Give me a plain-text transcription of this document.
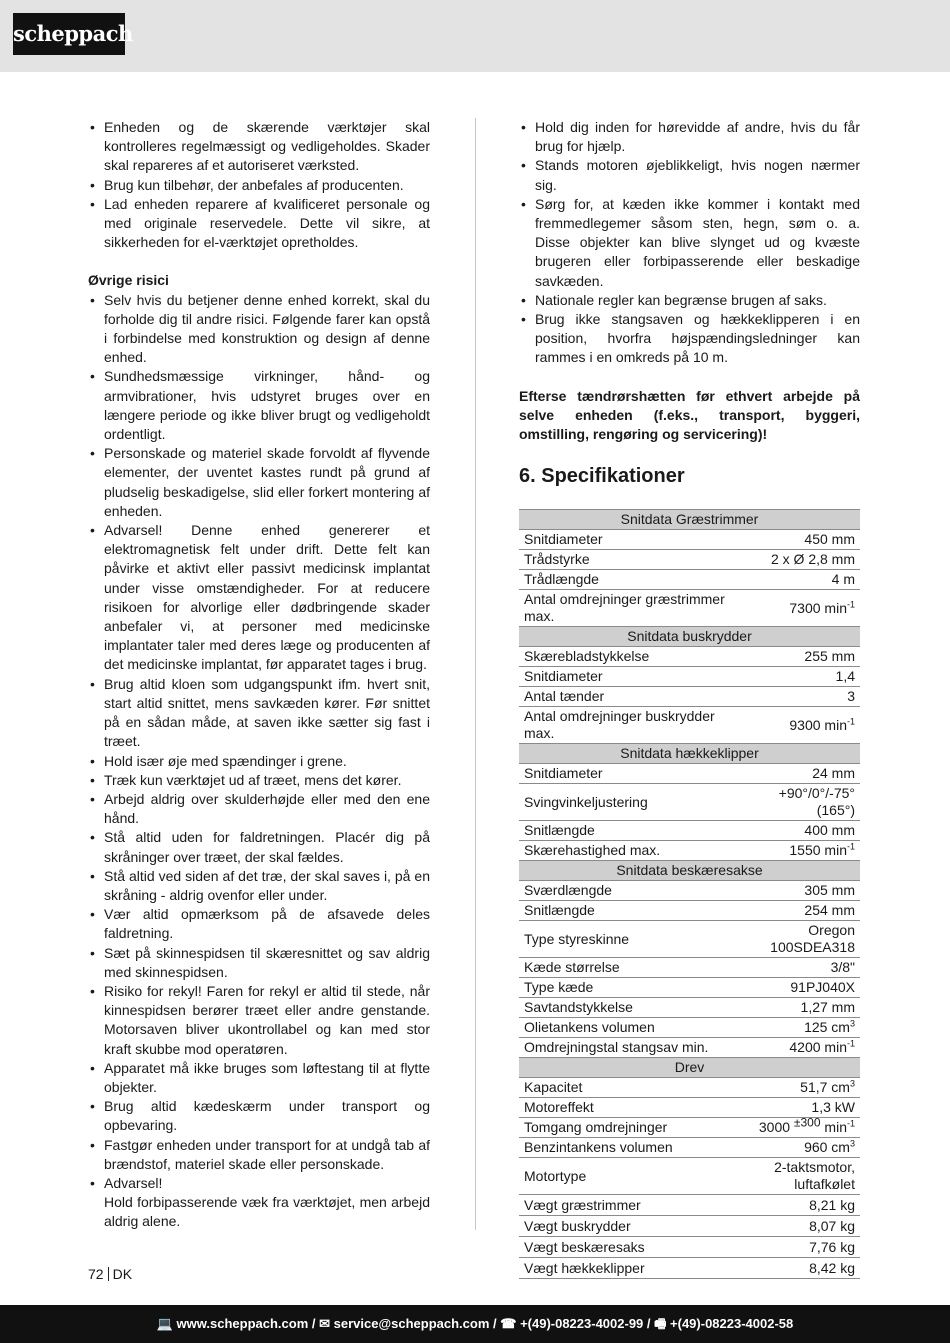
scheppach
• Enheden og de skærende værktøjer skal kontrolleres regelmæssigt og vedligeholdes. Skader skal repareres af et autoriseret værksted.
• Brug kun tilbehør, der anbefales af producenten.
• Lad enheden reparere af kvalificeret personale og med originale reservedele. Dette vil sikre, at sikkerheden for el-værktøjet opretholdes.
Øvrige risici
• Selv hvis du betjener denne enhed korrekt, skal du forholde dig til andre risici. Følgende farer kan opstå i forbindelse med konstruktion og design af denne enhed.
• Sundhedsmæssige virkninger, hånd- og armvibrationer, hvis udstyret bruges over en længere periode og ikke bliver brugt og vedligeholdt ordentligt.
• Personskade og materiel skade forvoldt af flyvende elementer, der uventet kastes rundt på grund af pludselig beskadigelse, slid eller forkert montering af enheden.
• Advarsel! Denne enhed genererer et elektromagnetisk felt under drift. Dette felt kan påvirke et aktivt eller passivt medicinsk implantat under visse omstændigheder. For at reducere risikoen for alvorlige eller dødbringende skader anbefaler vi, at personer med medicinske implantater taler med deres læge og producenten af det medicinske implantat, før apparatet tages i brug.
• Brug altid kloen som udgangspunkt ifm. hvert snit, start altid snittet, mens savkæden kører. Før snittet på en sådan måde, at saven ikke sætter sig fast i træet.
• Hold især øje med spændinger i grene.
• Træk kun værktøjet ud af træet, mens det kører.
• Arbejd aldrig over skulderhøjde eller med den ene hånd.
• Stå altid uden for faldretningen. Placér dig på skråninger over træet, der skal fældes.
• Stå altid ved siden af det træ, der skal saves i, på en skråning - aldrig ovenfor eller under.
• Vær altid opmærksom på de afsavede deles faldretning.
• Sæt på skinnespidsen til skæresnittet og sav aldrig med skinnespidsen.
• Risiko for rekyl! Faren for rekyl er altid til stede, når kinnespidsen berører træet eller andre genstande. Motorsaven bliver ukontrollabel og kan med stor kraft skubbe mod operatøren.
• Apparatet må ikke bruges som løftestang til at flytte objekter.
• Brug altid kædeskærm under transport og opbevaring.
• Fastgør enheden under transport for at undgå tab af brændstof, materiel skade eller personskade.
• Advarsel!
Hold forbipasserende væk fra værktøjet, men arbejd aldrig alene.
• Hold dig inden for hørevidde af andre, hvis du får brug for hjælp.
• Stands motoren øjeblikkeligt, hvis nogen nærmer sig.
• Sørg for, at kæden ikke kommer i kontakt med fremmedlegemer såsom sten, hegn, søm o. a. Disse objekter kan blive slynget ud og kvæste brugeren eller forbipasserende eller beskadige savkæden.
• Nationale regler kan begrænse brugen af saks.
• Brug ikke stangsaven og hækkeklipperen i en position, hvorfra højspændingsledninger kan rammes i en omkreds på 10 m.
Efterse tændrørshætten før ethvert arbejde på selve enheden (f.eks., transport, byggeri, omstilling, rengøring og servicering)!
6. Specifikationer
Snitdata Græstrimmer	
Snitdiameter	450 mm
Trådstyrke	2 x Ø 2,8 mm
Trådlængde	4 m
Antal omdrejninger græstrimmer max.	7300 $\min^{-1}$
Snitdata buskrydder	
Skærebladstykkelse	255 mm
Snitdiameter	1,4
Antal tænder	3
Antal omdrejninger buskrydder max.	9300 $\min^{-1}$
Snitdata hækkeklipper	
Snitdiameter	24 mm
Svingvinkeljustering	+90°/0°/-75° (165°)
Snitlængde	400 mm
Skærehastighed max.	1550 $\min^{-1}$
Snitdata beskæresakse	
Sværdlængde	305 mm
Snitlængde	254 mm
Type styreskinne	Oregon
100SDEA318

Kæde størrelse	3/8"
Type kæde	91PJ040X
Savtandstykkelse	1,27 mm
Olietankens volumen	125 $cm^3$
Omdrejningstal stangsav min.	4200 $\min^{-1}$
Drev	
Kapacitet	51,7 $cm^3$
Motoreffekt	1,3 kW
Tomgang omdrejninger	3000 $^{\pm 300}$ $\min^{-1}$
Benzintankens volumen	960 $cm^3$
Motortype	2-taktsmotor,
luftafkølet

Vægt græstrimmer	8,21 kg
Vægt buskrydder	8,07 kg
Vægt beskæresaks	7,76 kg
Vægt hækkeklipper	8,42 kg
72 DK
💻 www.scheppach.com / ✉ service@scheppach.com / ☎ +(49)-08223-4002-99 / 🖷 +(49)-08223-4002-58
